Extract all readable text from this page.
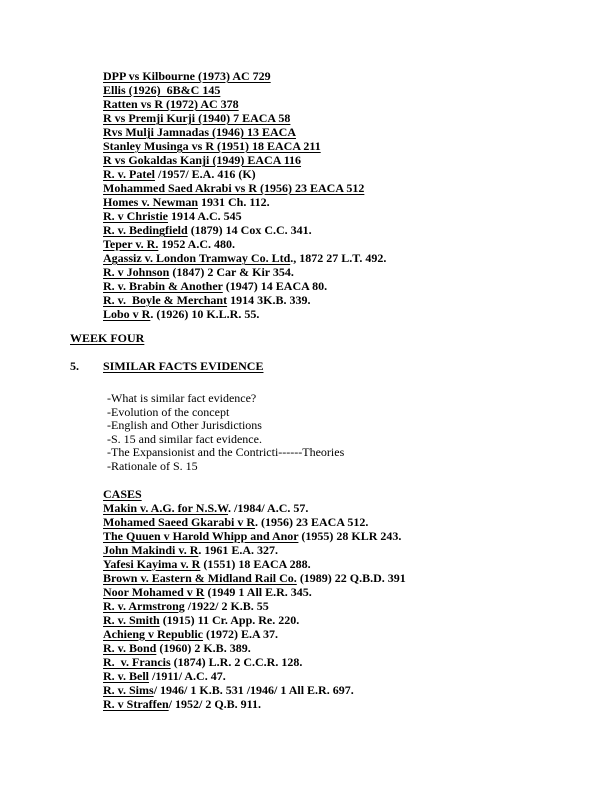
DPP vs Kilbourne (1973) AC 729
Ellis (1926)  6B&C 145
Ratten vs R (1972) AC 378
R vs Premji Kurji (1940) 7 EACA 58
Rvs Mulji Jamnadas (1946) 13 EACA
Stanley Musinga vs R (1951) 18 EACA 211
R vs Gokaldas Kanji (1949) EACA 116
R. v. Patel /1957/ E.A. 416 (K)
Mohammed Saed Akrabi vs R (1956) 23 EACA 512
Homes v. Newman 1931 Ch. 112.
R. v Christie 1914 A.C. 545
R. v. Bedingfield (1879) 14 Cox C.C. 341.
Teper v. R. 1952 A.C. 480.
Agassiz v. London Tramway Co. Ltd., 1872 27 L.T. 492.
R. v Johnson (1847) 2 Car & Kir 354.
R. v. Brabin & Another (1947) 14 EACA 80.
R. v.  Boyle & Merchant 1914 3K.B. 339.
Lobo v R. (1926) 10 K.L.R. 55.
WEEK FOUR
5. SIMILAR FACTS EVIDENCE
-What is similar fact evidence?
-Evolution of the concept
-English and Other Jurisdictions
-S. 15 and similar fact evidence.
-The Expansionist and the Contricti------Theories
-Rationale of S. 15
CASES
Makin v. A.G. for N.S.W. /1984/ A.C. 57.
Mohamed Saeed Gkarabi v R. (1956) 23 EACA 512.
The Quuen v Harold Whipp and Anor (1955) 28 KLR 243.
John Makindi v. R. 1961 E.A. 327.
Yafesi Kayima v. R (1551) 18 EACA 288.
Brown v. Eastern & Midland Rail Co. (1989) 22 Q.B.D. 391
Noor Mohamed v R (1949 1 All E.R. 345.
R. v. Armstrong /1922/ 2 K.B. 55
R. v. Smith (1915) 11 Cr. App. Re. 220.
Achieng v Republic (1972) E.A 37.
R. v. Bond (1960) 2 K.B. 389.
R.  v. Francis (1874) L.R. 2 C.C.R. 128.
R. v. Bell /1911/ A.C. 47.
R. v. Sims/ 1946/ 1 K.B. 531 /1946/ 1 All E.R. 697.
R. v Straffen/ 1952/ 2 Q.B. 911.
